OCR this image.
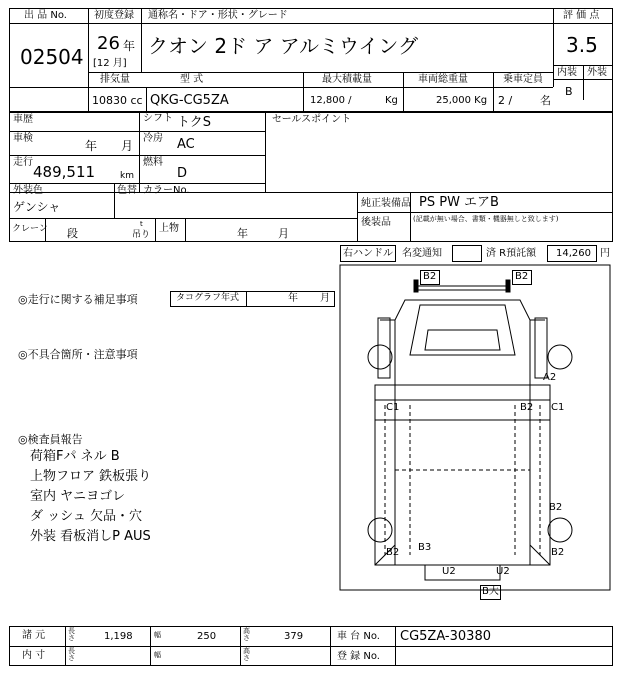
出 品 No.
02504
初度登録 通称名・ドア・形状・グレード
26 年
[12 月]
クオン 2ド ア アルミウイング
評 価 点
3.5
内装 外装
B
排気量	型 式	最大積載量	車両総重量	乗車定員
10830 cc QKG-CG5ZA	12,800 /	Kg	25,000 Kg 2 /	名
車歴	シフト トクS	セールスポイント
車検
年 月
冷房 AC
走行
489,511	km
燃料
D
外装色
ゲンシャ
色替 カラーNo.
純正装備品 PS PW エアB
後装品	(記載が無い場合、書類・機器無しと致します)
クレーン 段
t
吊り
上物	年	月
右ハンドル 名変通知	済 R預託額 14,260 円
◎走行に関する補足事項	タコグラフ年式	年 月
◎不具合箇所・注意事項
◎検査員報告
荷箱Fパ ネル B
上物フロア 鉄板張り
室内 ヤニヨゴレ
ダ ッシュ 欠品・穴
外装 看板消しP AUS
B2	B2
A2
C1	B2 C1
B2
B2 B3
U2	U2
B2
B大
諸 元	長さ	1,198	幅	250	高さ	379	車 台 No. CG5ZA-30380
内 寸	長さ	幅	高さ	登 録 No.
